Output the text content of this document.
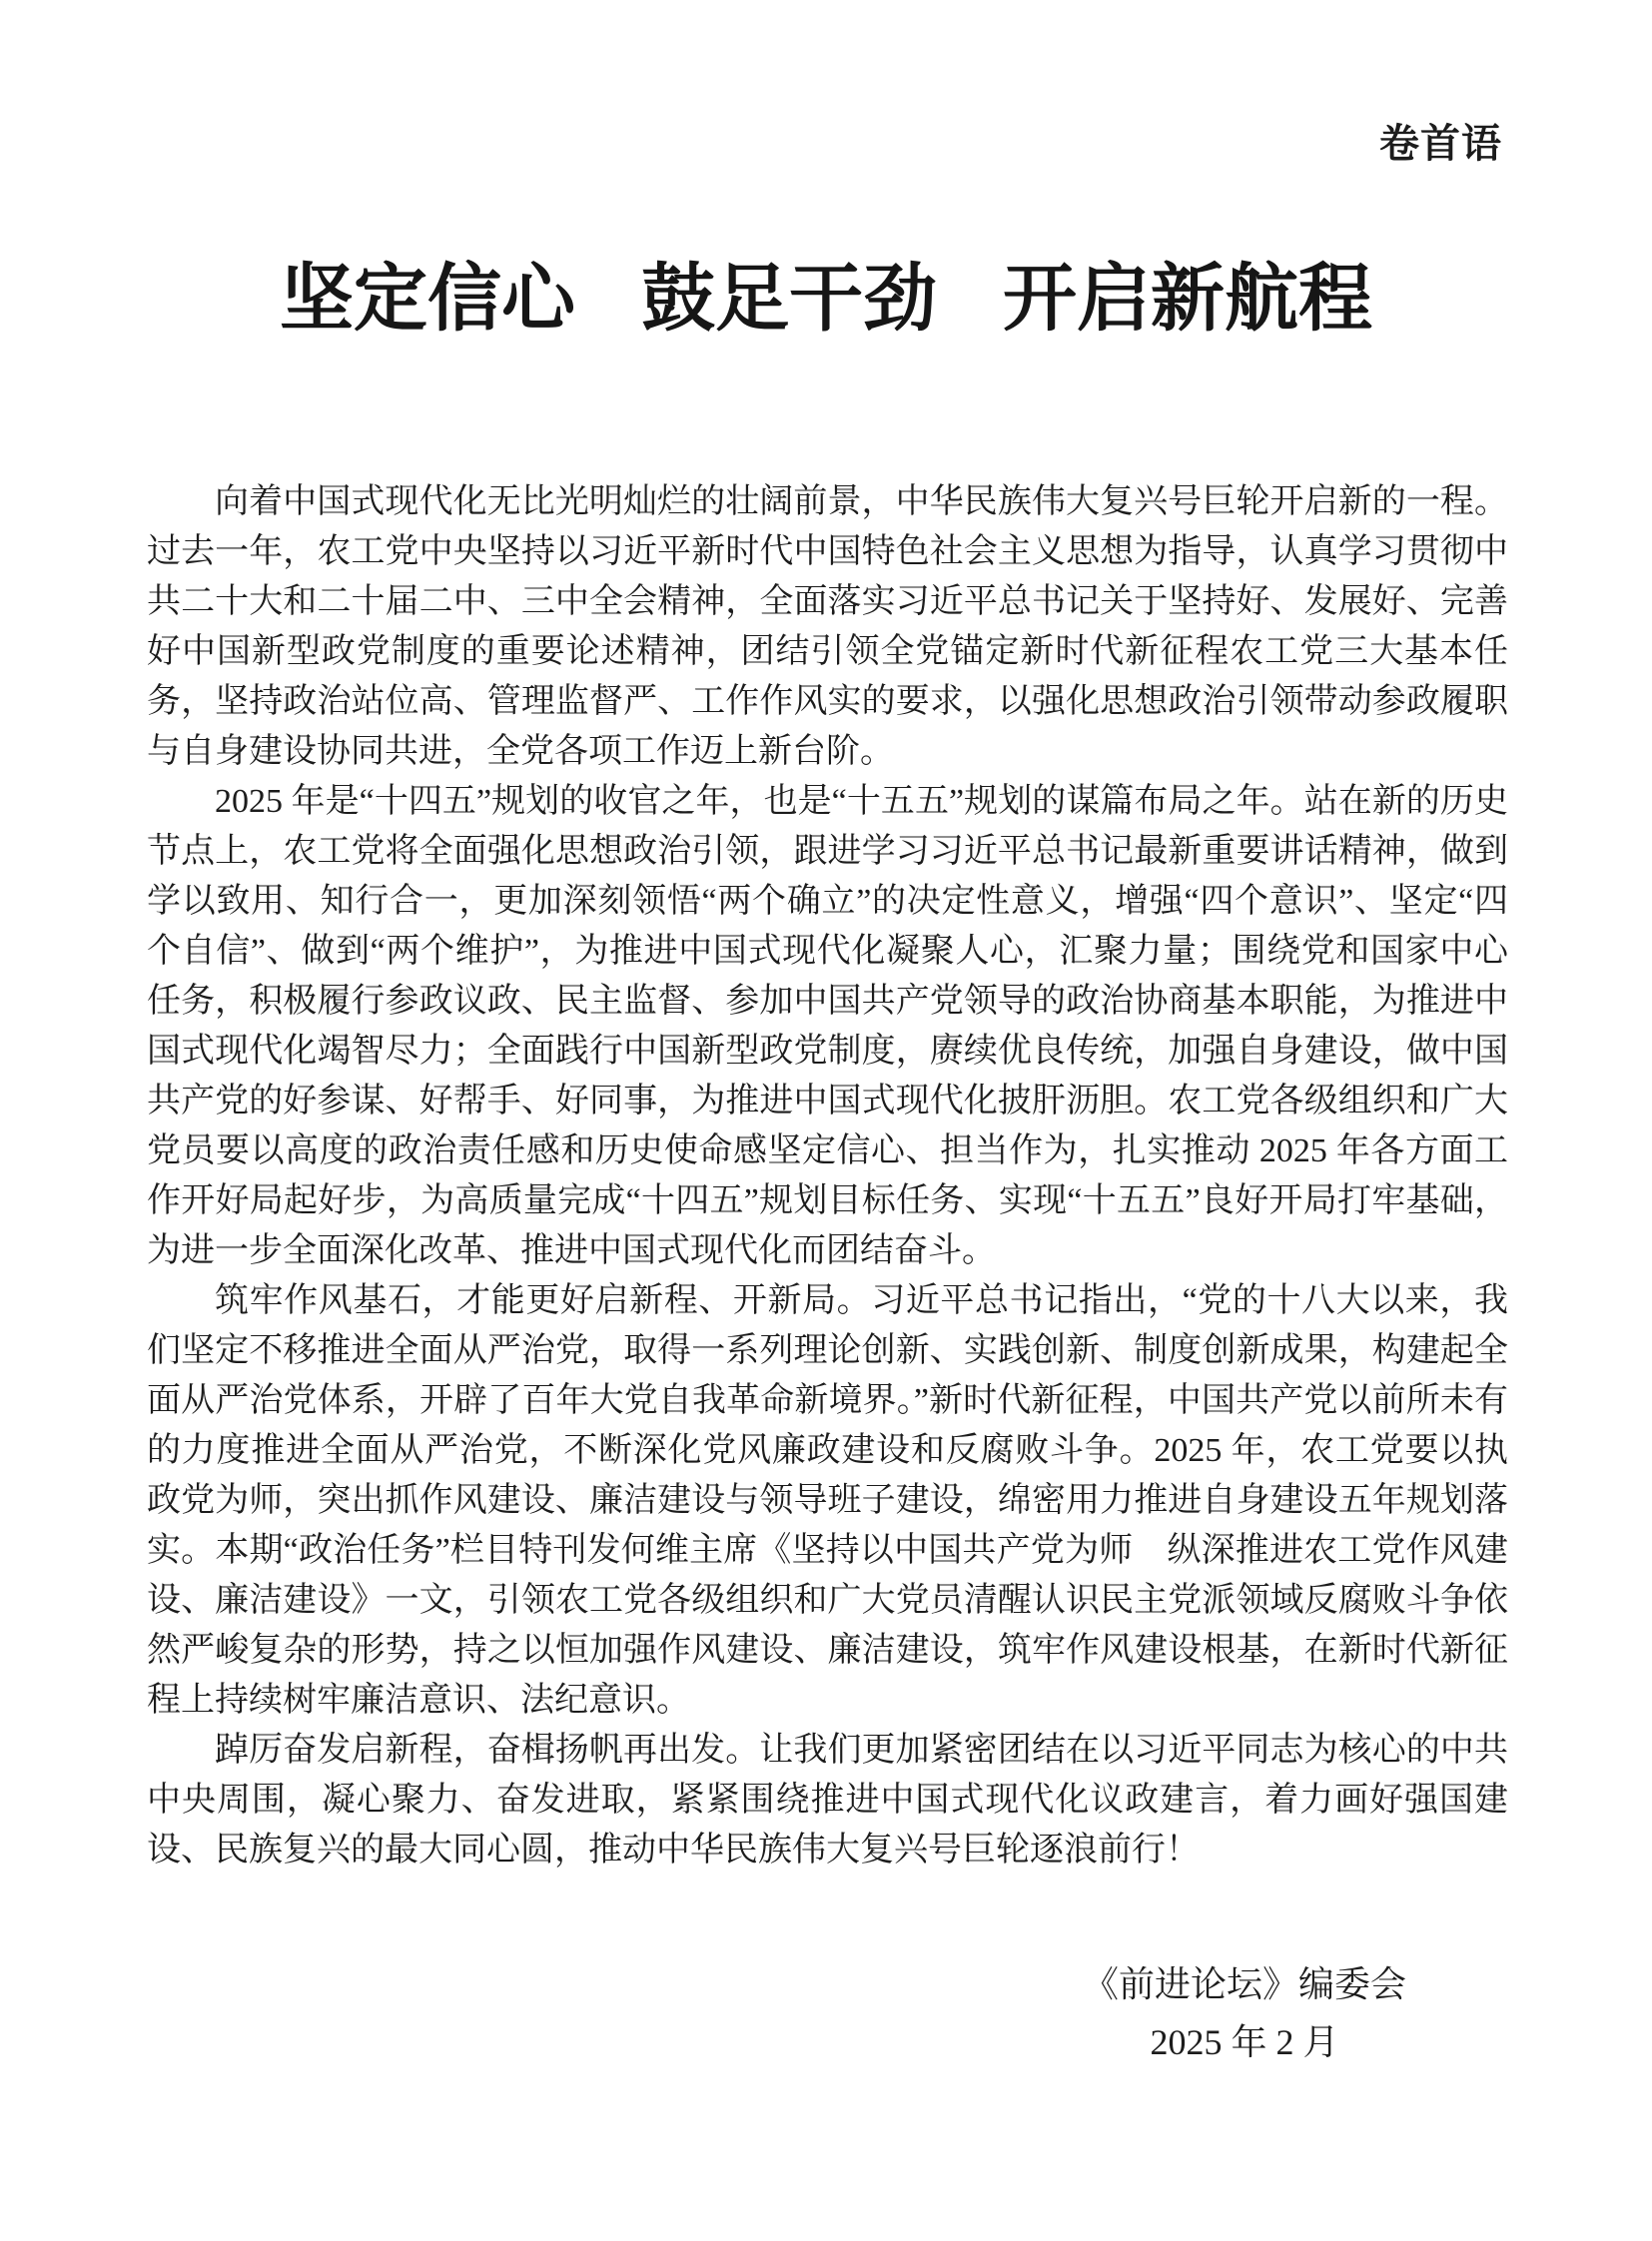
卷首语
坚定信心 鼓足干劲 开启新航程

向着中国式现代化无比光明灿烂的壮阔前景，中华民族伟大复兴号巨轮开启新的一程。过去一年，农工党中央坚持以习近平新时代中国特色社会主义思想为指导，认真学习贯彻中共二十大和二十届二中、三中全会精神，全面落实习近平总书记关于坚持好、发展好、完善好中国新型政党制度的重要论述精神，团结引领全党锚定新时代新征程农工党三大基本任务，坚持政治站位高、管理监督严、工作作风实的要求，以强化思想政治引领带动参政履职与自身建设协同共进，全党各项工作迈上新台阶。

2025 年是“十四五”规划的收官之年，也是“十五五”规划的谋篇布局之年。站在新的历史节点上，农工党将全面强化思想政治引领，跟进学习习近平总书记最新重要讲话精神，做到学以致用、知行合一，更加深刻领悟“两个确立”的决定性意义，增强“四个意识”、坚定“四个自信”、做到“两个维护”，为推进中国式现代化凝聚人心，汇聚力量；围绕党和国家中心任务，积极履行参政议政、民主监督、参加中国共产党领导的政治协商基本职能，为推进中国式现代化竭智尽力；全面践行中国新型政党制度，赓续优良传统，加强自身建设，做中国共产党的好参谋、好帮手、好同事，为推进中国式现代化披肝沥胆。农工党各级组织和广大党员要以高度的政治责任感和历史使命感坚定信心、担当作为，扎实推动 2025 年各方面工作开好局起好步，为高质量完成“十四五”规划目标任务、实现“十五五”良好开局打牢基础，为进一步全面深化改革、推进中国式现代化而团结奋斗。

筑牢作风基石，才能更好启新程、开新局。习近平总书记指出，“党的十八大以来，我们坚定不移推进全面从严治党，取得一系列理论创新、实践创新、制度创新成果，构建起全面从严治党体系，开辟了百年大党自我革命新境界。”新时代新征程，中国共产党以前所未有的力度推进全面从严治党，不断深化党风廉政建设和反腐败斗争。2025 年，农工党要以执政党为师，突出抓作风建设、廉洁建设与领导班子建设，绵密用力推进自身建设五年规划落实。本期“政治任务”栏目特刊发何维主席《坚持以中国共产党为师　纵深推进农工党作风建设、廉洁建设》一文，引领农工党各级组织和广大党员清醒认识民主党派领域反腐败斗争依然严峻复杂的形势，持之以恒加强作风建设、廉洁建设，筑牢作风建设根基，在新时代新征程上持续树牢廉洁意识、法纪意识。

踔厉奋发启新程，奋楫扬帆再出发。让我们更加紧密团结在以习近平同志为核心的中共中央周围，凝心聚力、奋发进取，紧紧围绕推进中国式现代化议政建言，着力画好强国建设、民族复兴的最大同心圆，推动中华民族伟大复兴号巨轮逐浪前行！

《前进论坛》编委会
2025 年 2 月
